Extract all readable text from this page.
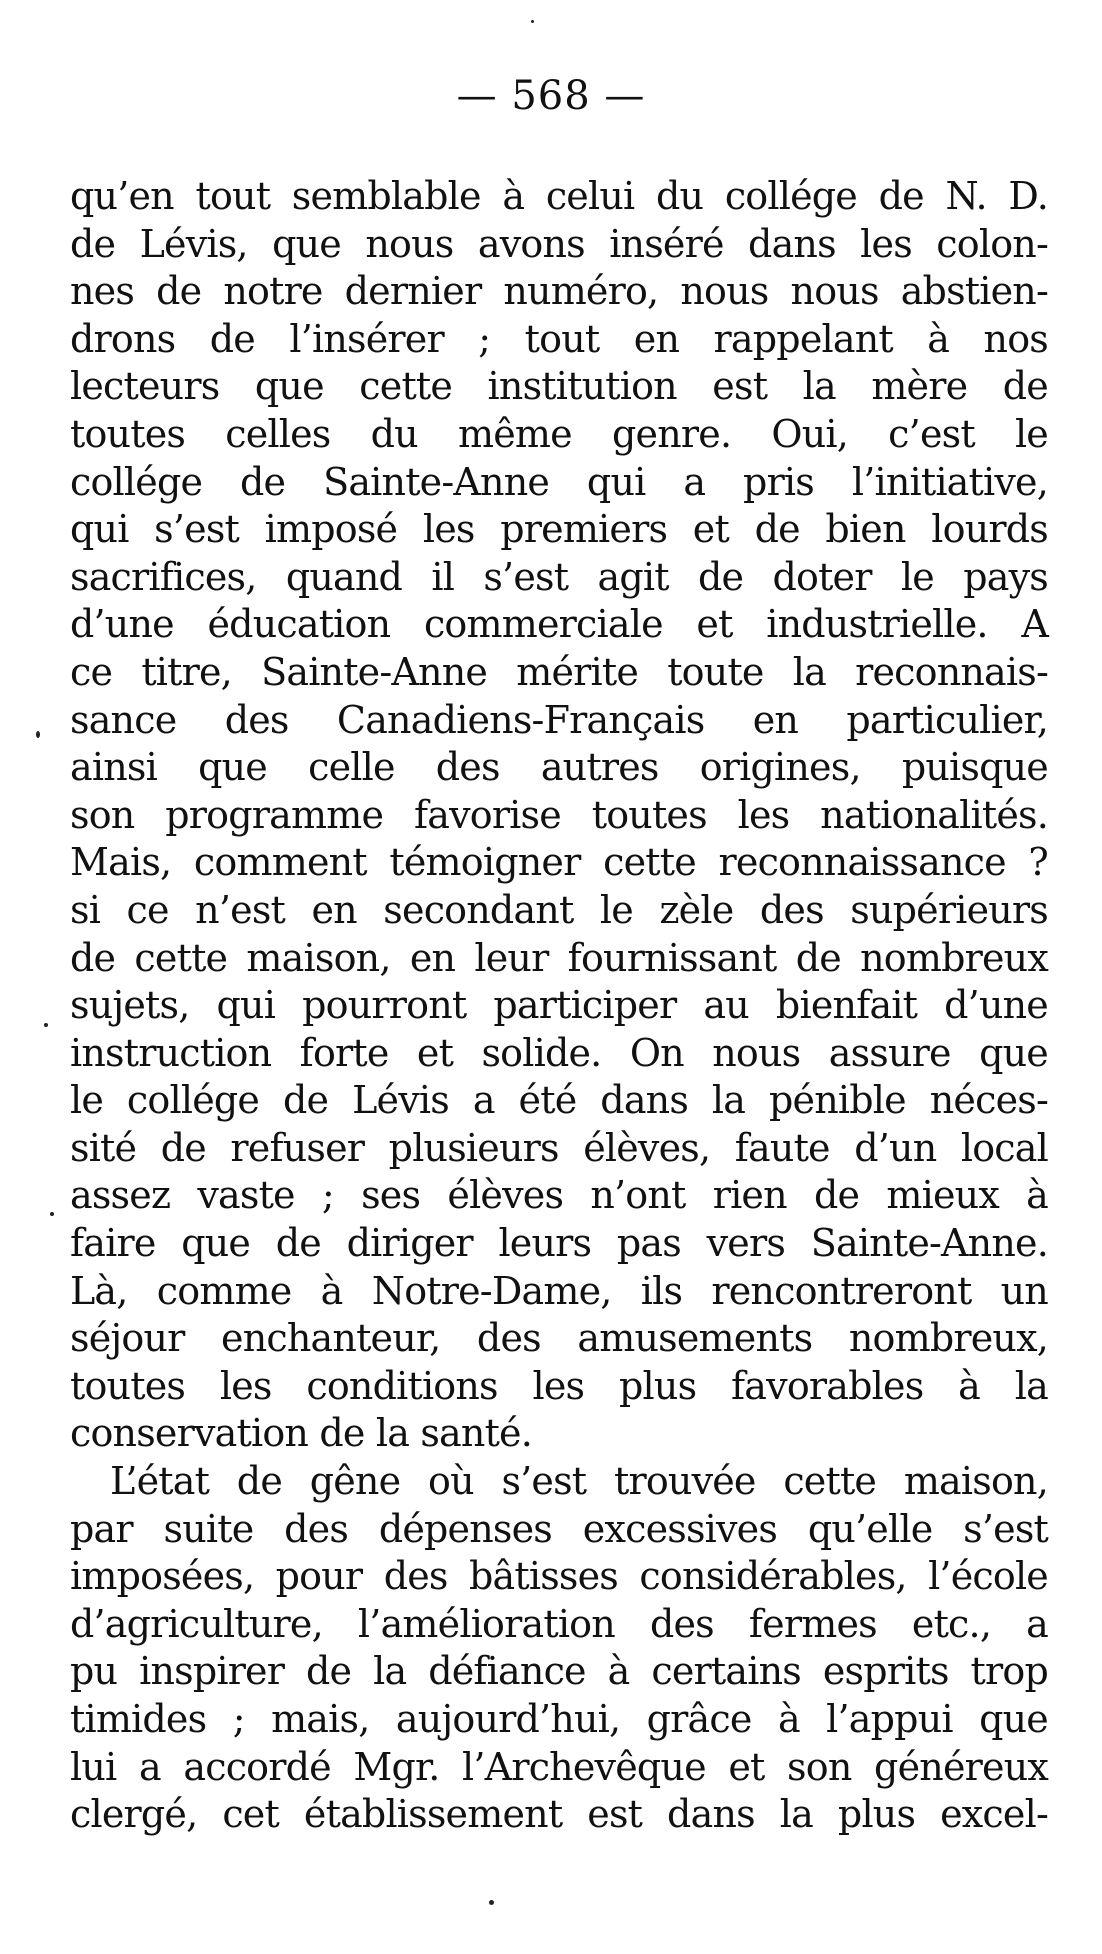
— 568 —
qu’en tout semblable à celui du collége de N. D.
de Lévis, que nous avons inséré dans les colon-
nes de notre dernier numéro, nous nous abstien-
drons de l’insérer ; tout en rappelant à nos
lecteurs que cette institution est la mère de
toutes celles du même genre. Oui, c’est le
collége de Sainte-Anne qui a pris l’initiative,
qui s’est imposé les premiers et de bien lourds
sacrifices, quand il s’est agit de doter le pays
d’une éducation commerciale et industrielle. A
ce titre, Sainte-Anne mérite toute la reconnais-
sance des Canadiens-Français en particulier,
ainsi que celle des autres origines, puisque
son programme favorise toutes les nationalités.
Mais, comment témoigner cette reconnaissance ?
si ce n’est en secondant le zèle des supérieurs
de cette maison, en leur fournissant de nombreux
sujets, qui pourront participer au bienfait d’une
instruction forte et solide. On nous assure que
le collége de Lévis a été dans la pénible néces-
sité de refuser plusieurs élèves, faute d’un local
assez vaste ; ses élèves n’ont rien de mieux à
faire que de diriger leurs pas vers Sainte-Anne.
Là, comme à Notre-Dame, ils rencontreront un
séjour enchanteur, des amusements nombreux,
toutes les conditions les plus favorables à la
conservation de la santé.
L’état de gêne où s’est trouvée cette maison,
par suite des dépenses excessives qu’elle s’est
imposées, pour des bâtisses considérables, l’école
d’agriculture, l’amélioration des fermes etc., a
pu inspirer de la défiance à certains esprits trop
timides ; mais, aujourd’hui, grâce à l’appui que
lui a accordé Mgr. l’Archevêque et son généreux
clergé, cet établissement est dans la plus excel-
